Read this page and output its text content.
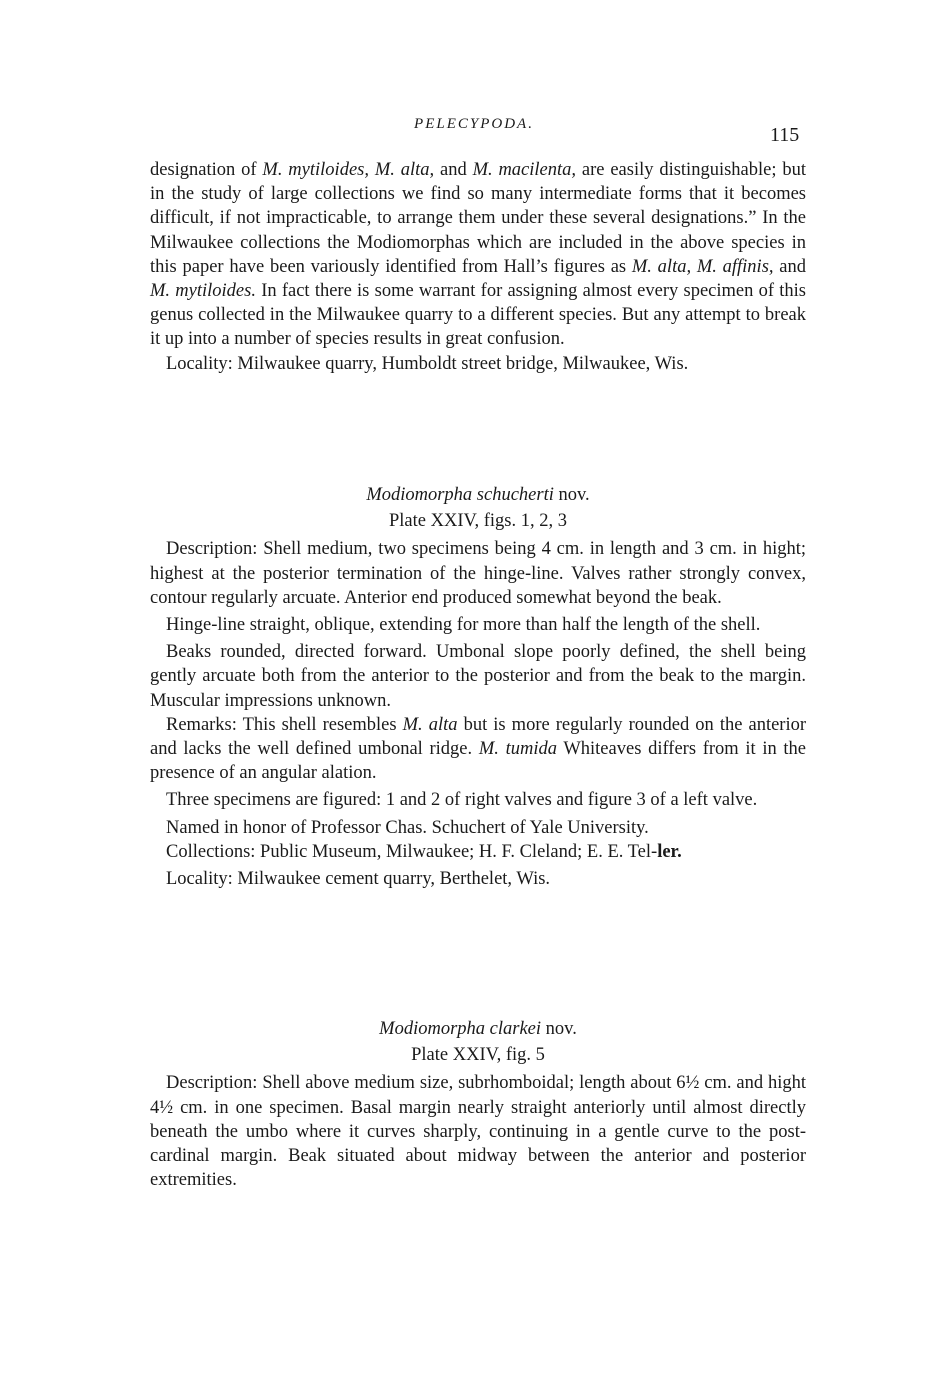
PELECYPODA.	115

designation of M. mytiloides, M. alta, and M. macilenta, are easily distinguishable; but in the study of large collections we find so many intermediate forms that it becomes difficult, if not impracticable, to arrange them under these several designations.” In the Milwaukee collections the Modiomorphas which are included in the above species in this paper have been variously identified from Hall’s figures as M. alta, M. affinis, and M. mytiloides. In fact there is some warrant for assigning almost every specimen of this genus collected in the Milwaukee quarry to a different species. But any attempt to break it up into a number of species results in great confusion.

Locality: Milwaukee quarry, Humboldt street bridge, Milwaukee, Wis.

Modiomorpha schucherti nov.

Plate XXIV, figs. 1, 2, 3

Description: Shell medium, two specimens being 4 cm. in length and 3 cm. in hight; highest at the posterior termination of the hinge-line. Valves rather strongly convex, contour regularly arcuate. Anterior end produced somewhat beyond the beak.

Hinge-line straight, oblique, extending for more than half the length of the shell.

Beaks rounded, directed forward. Umbonal slope poorly defined, the shell being gently arcuate both from the anterior to the posterior and from the beak to the margin. Muscular impressions unknown.

Remarks: This shell resembles M. alta but is more regularly rounded on the anterior and lacks the well defined umbonal ridge. M. tumida Whiteaves differs from it in the presence of an angular alation.

Three specimens are figured: 1 and 2 of right valves and figure 3 of a left valve.

Named in honor of Professor Chas. Schuchert of Yale University.

Collections: Public Museum, Milwaukee; H. F. Cleland; E. E. Tel-ler.

Locality: Milwaukee cement quarry, Berthelet, Wis.

Modiomorpha clarkei nov.

Plate XXIV, fig. 5

Description: Shell above medium size, subrhomboidal; length about 6½ cm. and hight 4½ cm. in one specimen. Basal margin nearly straight anteriorly until almost directly beneath the umbo where it curves sharply, continuing in a gentle curve to the post-cardinal margin. Beak situated about midway between the anterior and posterior extremities.
